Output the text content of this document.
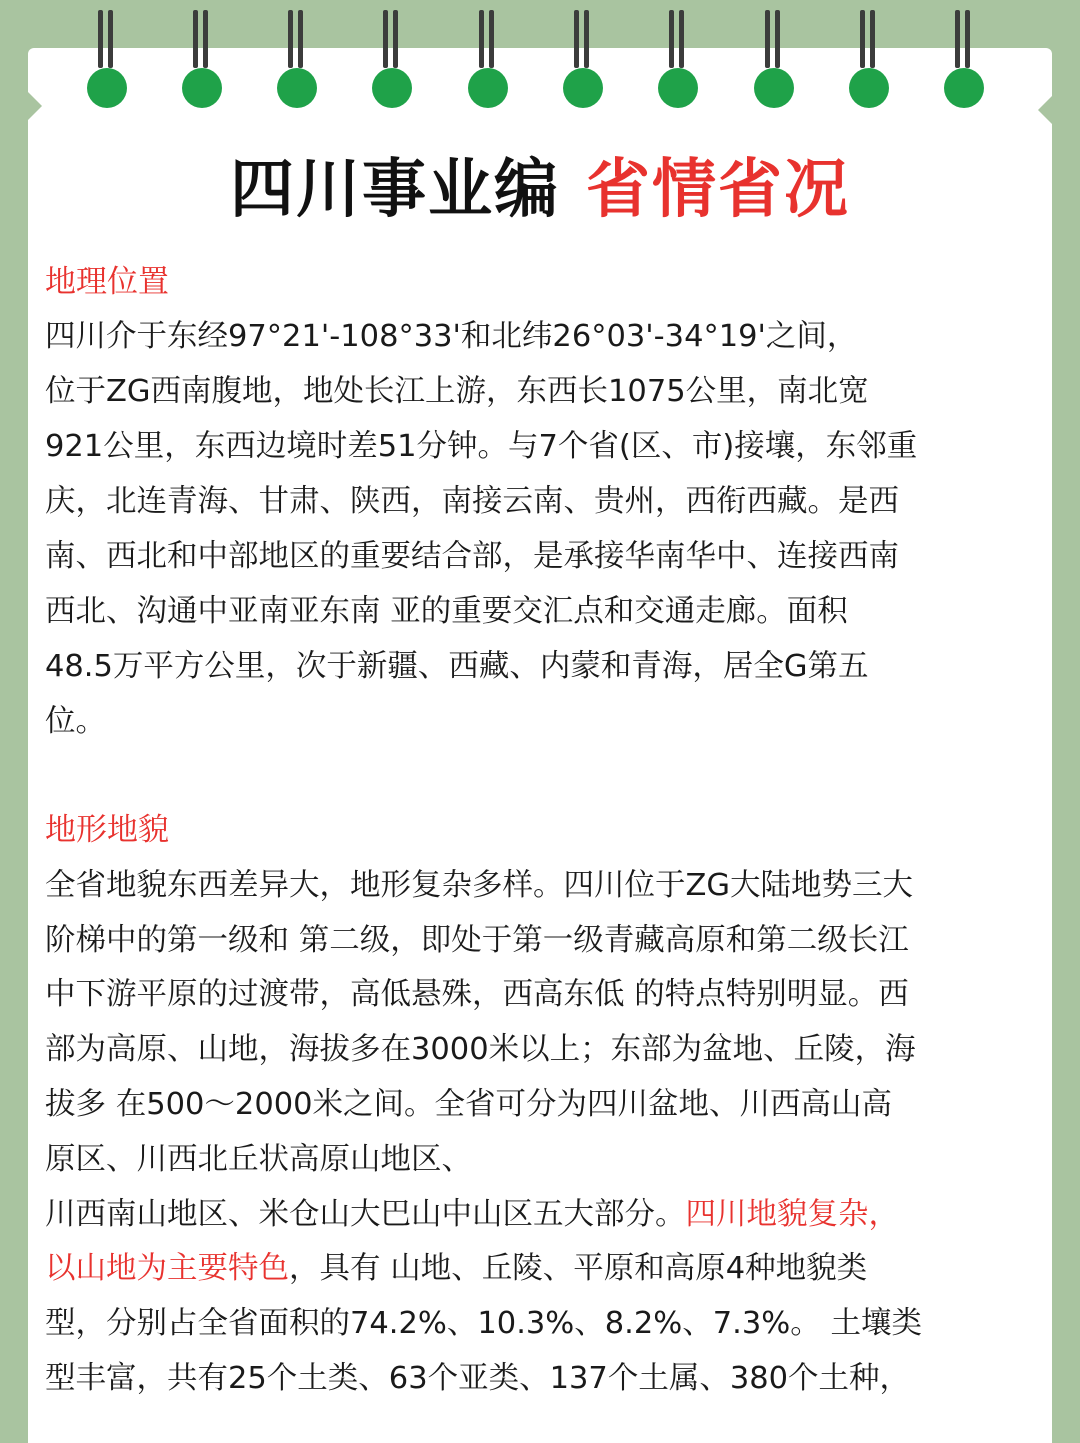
四川事业编 省情省况
地理位置
四川介于东经97°21'-108°33'和北纬26°03'-34°19'之间，
位于ZG西南腹地，地处长江上游，东西长1075公里，南北宽
921公里，东西边境时差51分钟。与7个省(区、市)接壤，东邻重
庆，北连青海、甘肃、陕西，南接云南、贵州，西衔西藏。是西
南、西北和中部地区的重要结合部，是承接华南华中、连接西南
西北、沟通中亚南亚东南 亚的重要交汇点和交通走廊。面积
48.5万平方公里，次于新疆、西藏、内蒙和青海，居全G第五
位。
地形地貌
全省地貌东西差异大，地形复杂多样。四川位于ZG大陆地势三大
阶梯中的第一级和 第二级，即处于第一级青藏高原和第二级长江
中下游平原的过渡带，高低悬殊，西高东低 的特点特别明显。西
部为高原、山地，海拔多在3000米以上；东部为盆地、丘陵，海
拔多 在500～2000米之间。全省可分为四川盆地、川西高山高
原区、川西北丘状高原山地区、
川西南山地区、米仓山大巴山中山区五大部分。四川地貌复杂，
以山地为主要特色，具有 山地、丘陵、平原和高原4种地貌类
型，分别占全省面积的74.2%、10.3%、8.2%、7.3%。 土壤类
型丰富，共有25个土类、63个亚类、137个土属、380个土种，
